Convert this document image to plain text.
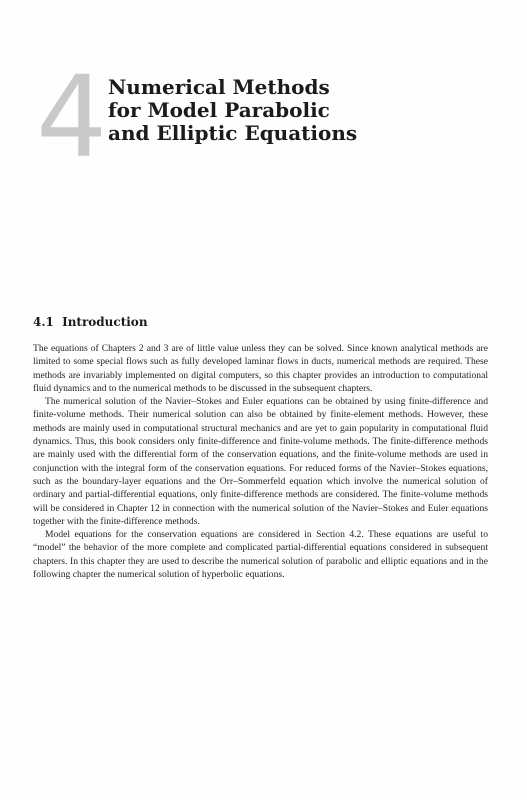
4 Numerical Methods
for Model Parabolic
and Elliptic Equations
4.1 Introduction

The equations of Chapters 2 and 3 are of little value unless they can be solved. Since known analytical methods are limited to some special flows such as fully developed laminar flows in ducts, numerical methods are required. These methods are invariably implemented on digital computers, so this chapter provides an introduction to computational fluid dynamics and to the numerical methods to be discussed in the subsequent chapters.

The numerical solution of the Navier–Stokes and Euler equations can be obtained by using finite-difference and finite-volume methods. Their numerical solution can also be obtained by finite-element methods. However, these methods are mainly used in computational structural mechanics and are yet to gain popularity in computational fluid dynamics. Thus, this book considers only finite-difference and finite-volume methods. The finite-difference methods are mainly used with the differential form of the conservation equations, and the finite-volume methods are used in conjunction with the integral form of the conservation equations. For reduced forms of the Navier–Stokes equations, such as the boundary-layer equations and the Orr–Sommerfeld equation which involve the numerical solution of ordinary and partial-differential equations, only finite-difference methods are considered. The finite-volume methods will be considered in Chapter 12 in connection with the numerical solution of the Navier–Stokes and Euler equations together with the finite-difference methods.

Model equations for the conservation equations are considered in Section 4.2. These equations are useful to “model” the behavior of the more complete and complicated partial-differential equations considered in subsequent chapters. In this chapter they are used to describe the numerical solution of parabolic and elliptic equations and in the following chapter the numerical solution of hyperbolic equations.
